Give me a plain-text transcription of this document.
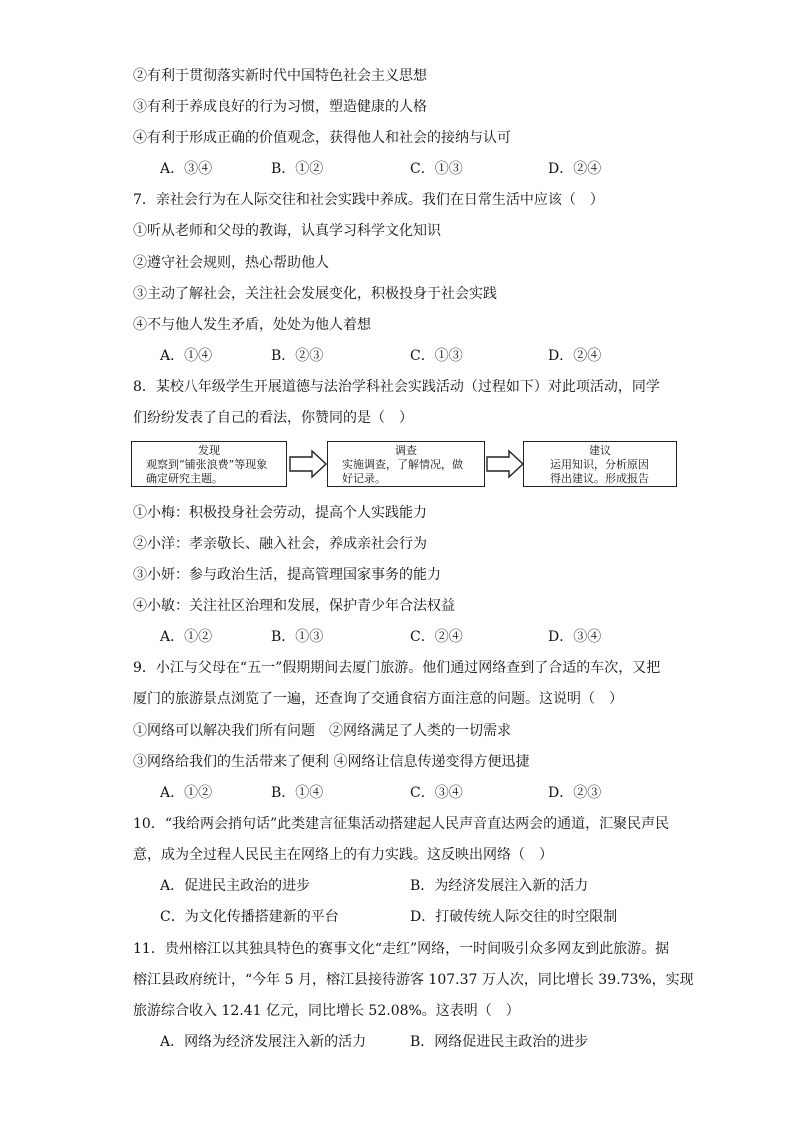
②有利于贯彻落实新时代中国特色社会主义思想
③有利于养成良好的行为习惯，塑造健康的人格
④有利于形成正确的价值观念，获得他人和社会的接纳与认可
A．③④	B．①②	C．①③	D．②④
7．亲社会行为在人际交往和社会实践中养成。我们在日常生活中应该（　）
①听从老师和父母的教诲，认真学习科学文化知识
②遵守社会规则，热心帮助他人
③主动了解社会，关注社会发展变化，积极投身于社会实践
④不与他人发生矛盾，处处为他人着想
A．①④	B．②③	C．①③	D．②④
8．某校八年级学生开展道德与法治学科社会实践活动（过程如下）对此项活动，同学
们纷纷发表了自己的看法，你赞同的是（　）
发现
观察到“铺张浪费”等现象
确定研究主题。
调查
实施调查，了解情况，做
好记录。
建议
运用知识，分析原因
得出建议。形成报告
①小梅：积极投身社会劳动，提高个人实践能力
②小洋：孝亲敬长、融入社会，养成亲社会行为
③小妍：参与政治生活，提高管理国家事务的能力
④小敏：关注社区治理和发展，保护青少年合法权益
A．①②	B．①③	C．②④	D．③④
9．小江与父母在“五一”假期期间去厦门旅游。他们通过网络查到了合适的车次，又把
厦门的旅游景点浏览了一遍，还查询了交通食宿方面注意的问题。这说明（　）
①网络可以解决我们所有问题　②网络满足了人类的一切需求
③网络给我们的生活带来了便利 ④网络让信息传递变得方便迅捷
A．①②	B．①④	C．③④	D．②③
10．“我给两会捎句话”此类建言征集活动搭建起人民声音直达两会的通道，汇聚民声民
意，成为全过程人民民主在网络上的有力实践。这反映出网络（　）
A．促进民主政治的进步	B．为经济发展注入新的活力
C．为文化传播搭建新的平台	D．打破传统人际交往的时空限制
11．贵州榕江以其独具特色的赛事文化“走红”网络，一时间吸引众多网友到此旅游。据
榕江县政府统计，“今年 5 月，榕江县接待游客 107.37 万人次，同比增长 39.73%，实现
旅游综合收入 12.41 亿元，同比增长 52.08%。这表明（　）
A．网络为经济发展注入新的活力	B．网络促进民主政治的进步
